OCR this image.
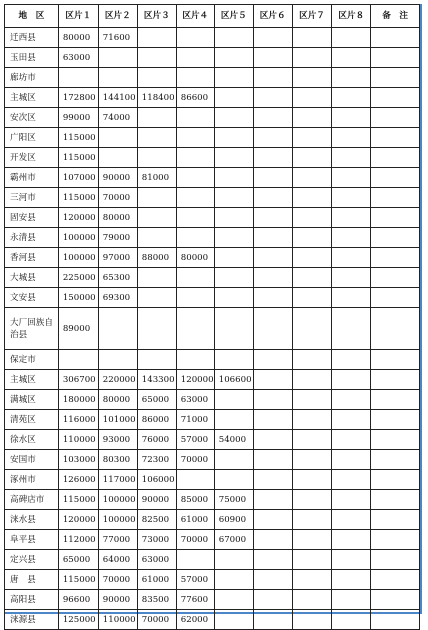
地　区	区片１	区片２	区片３	区片４	区片５	区片６	区片７	区片８	备　注
迁西县	80000	71600							
玉田县	63000								
廊坊市									
主城区	172800	144100	118400	86600					
安次区	99000	74000							
广阳区	115000								
开发区	115000								
霸州市	107000	90000	81000						
三河市	115000	70000							
固安县	120000	80000							
永清县	100000	79000							
香河县	100000	97000	88000	80000					
大城县	225000	65300							
文安县	150000	69300							
大厂回族自治县	89000								
保定市									
主城区	306700	220000	143300	120000	106600				
满城区	180000	80000	65000	63000					
清苑区	116000	101000	86000	71000					
徐水区	110000	93000	76000	57000	54000				
安国市	103000	80300	72300	70000					
涿州市	126000	117000	106000						
高碑店市	115000	100000	90000	85000	75000				
涞水县	120000	100000	82500	61000	60900				
阜平县	112000	77000	73000	70000	67000				
定兴县	65000	64000	63000						
唐　县	115000	70000	61000	57000					
高阳县	96600	90000	83500	77600					
涞源县	125000	110000	70000	62000					
